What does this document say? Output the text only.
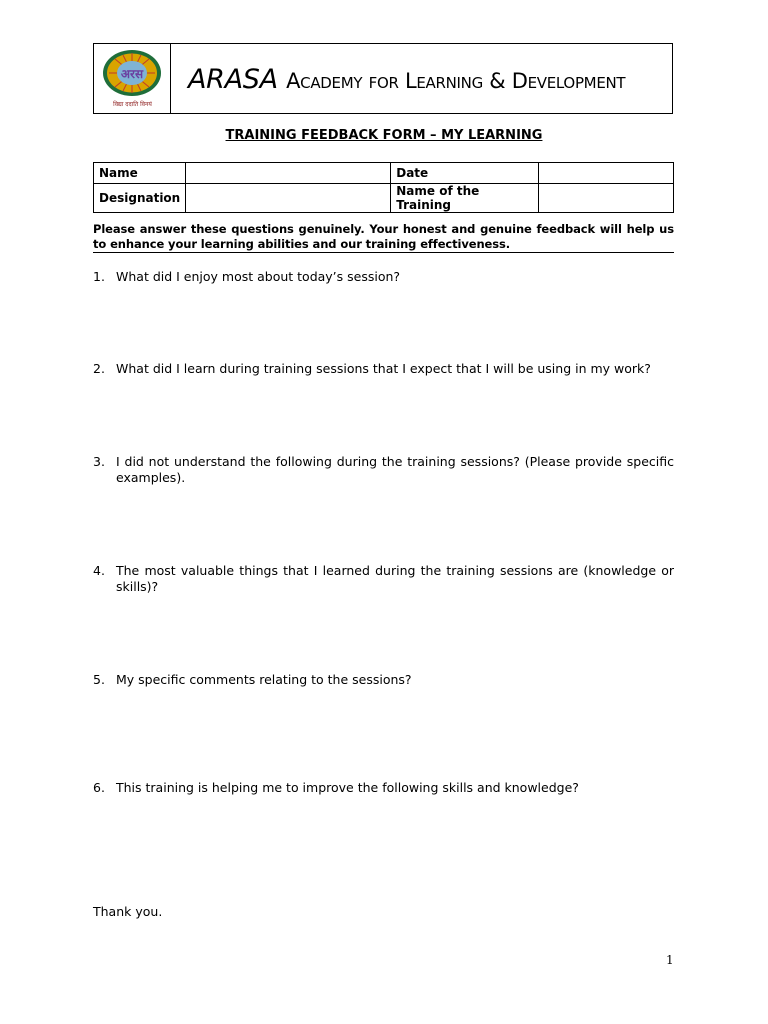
अरस
विद्या ददाति विनयं
ARASA Academy for Learning & Development
TRAINING FEEDBACK FORM – MY LEARNING
Name		Date	
Designation		Name of the Training	
Please answer these questions genuinely. Your honest and genuine feedback will help us to enhance your learning abilities and our training effectiveness.
1. What did I enjoy most about today’s session?
2. What did I learn during training sessions that I expect that I will be using in my work?
3. I did not understand the following during the training sessions? (Please provide specific examples).
4. The most valuable things that I learned during the training sessions are (knowledge or skills)?
5. My specific comments relating to the sessions?
6. This training is helping me to improve the following skills and knowledge?
Thank you.
1
